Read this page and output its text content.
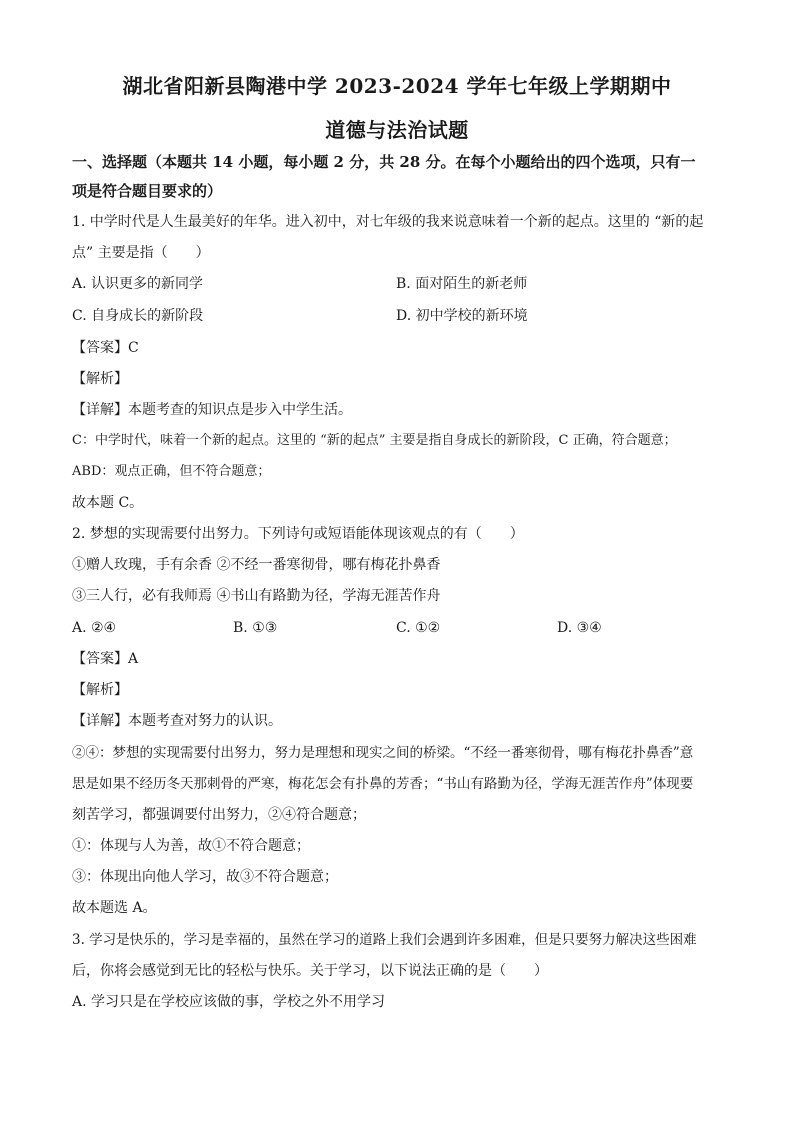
湖北省阳新县陶港中学 2023-2024 学年七年级上学期期中
道德与法治试题
一、选择题（本题共 14 小题，每小题 2 分，共 28 分。在每个小题给出的四个选项，只有一
项是符合题目要求的）
1. 中学时代是人生最美好的年华。进入初中，对七年级的我来说意味着一个新的起点。这里的 “新的起
点” 主要是指（　　）
A. 认识更多的新同学	B. 面对陌生的新老师
C. 自身成长的新阶段	D. 初中学校的新环境
【答案】C
【解析】
【详解】本题考查的知识点是步入中学生活。
C：中学时代，味着一个新的起点。这里的 “新的起点” 主要是指自身成长的新阶段，C 正确，符合题意；
ABD：观点正确，但不符合题意；
故本题 C。
2. 梦想的实现需要付出努力。下列诗句或短语能体现该观点的有（　　）
①赠人玫瑰，手有余香 ②不经一番寒彻骨，哪有梅花扑鼻香
③三人行，必有我师焉 ④书山有路勤为径，学海无涯苦作舟
A. ②④	B. ①③	C. ①②	D. ③④
【答案】A
【解析】
【详解】本题考查对努力的认识。
②④：梦想的实现需要付出努力，努力是理想和现实之间的桥梁。“不经一番寒彻骨，哪有梅花扑鼻香”意
思是如果不经历冬天那刺骨的严寒，梅花怎会有扑鼻的芳香；“书山有路勤为径，学海无涯苦作舟”体现要
刻苦学习，都强调要付出努力，②④符合题意；
①：体现与人为善，故①不符合题意；
③：体现出向他人学习，故③不符合题意；
故本题选 A。
3. 学习是快乐的，学习是幸福的，虽然在学习的道路上我们会遇到许多困难，但是只要努力解决这些困难
后，你将会感觉到无比的轻松与快乐。关于学习，以下说法正确的是（　　）
A. 学习只是在学校应该做的事，学校之外不用学习
